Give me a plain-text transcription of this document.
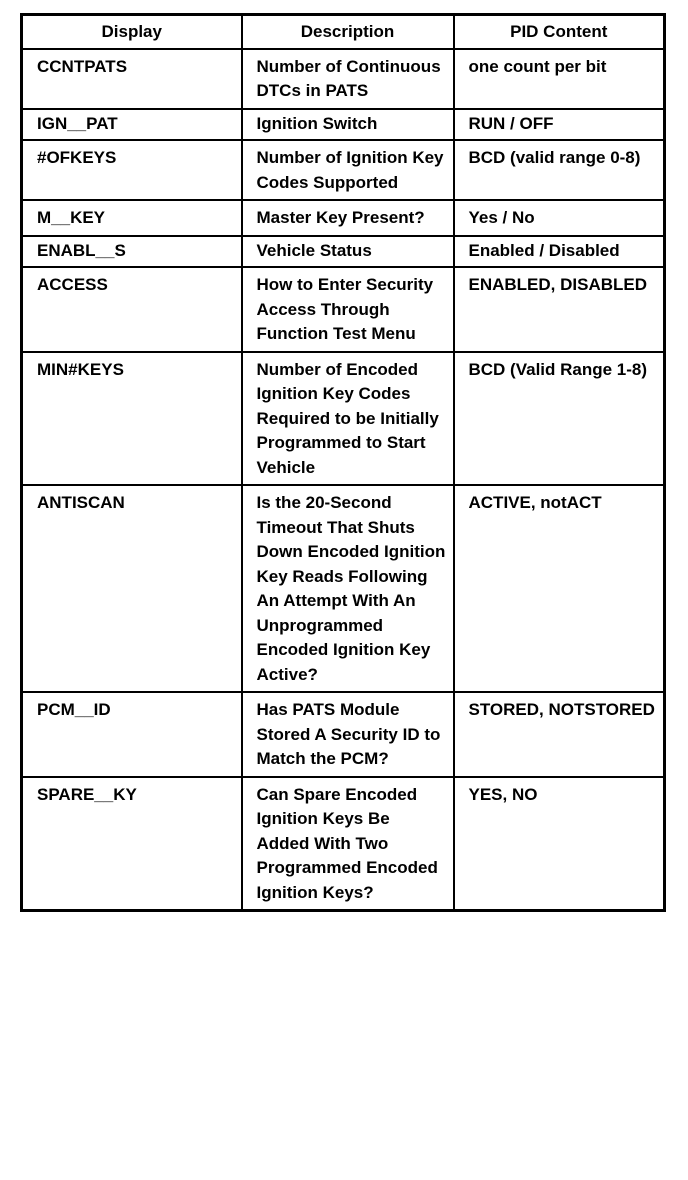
Display	Description	PID Content
CCNTPATS	Number of Continuous DTCs in PATS	one count per bit
IGN__PAT	Ignition Switch	RUN / OFF
#OFKEYS	Number of Ignition Key Codes Supported	BCD (valid range 0-8)
M__KEY	Master Key Present?	Yes / No
ENABL__S	Vehicle Status	Enabled / Disabled
ACCESS	How to Enter Security Access Through Function Test Menu	ENABLED, DISABLED
MIN#KEYS	Number of Encoded Ignition Key Codes Required to be Initially Programmed to Start Vehicle	BCD (Valid Range 1-8)
ANTISCAN	Is the 20-Second Timeout That Shuts Down Encoded Ignition Key Reads Following An Attempt With An Unprogrammed Encoded Ignition Key Active?	ACTIVE, notACT
PCM__ID	Has PATS Module Stored A Security ID to Match the PCM?	STORED, NOTSTORED
SPARE__KY	Can Spare Encoded Ignition Keys Be Added With Two Programmed Encoded Ignition Keys?	YES, NO
